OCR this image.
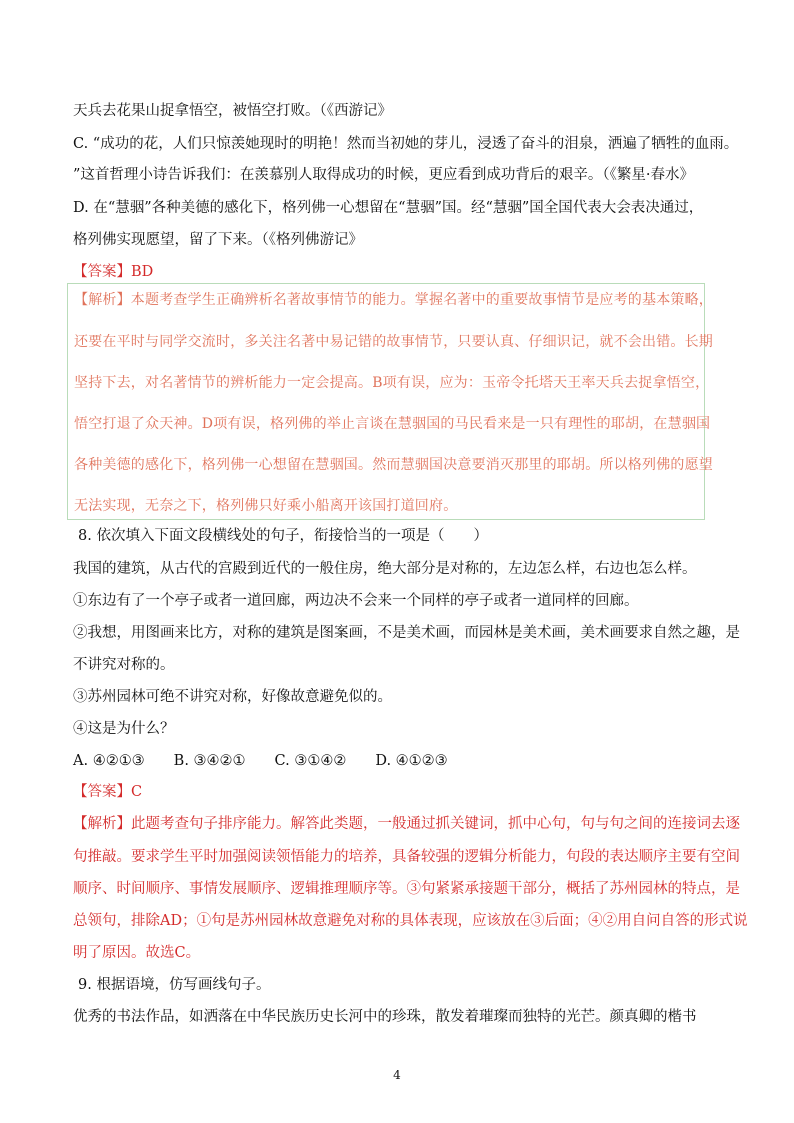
天兵去花果山捉拿悟空，被悟空打败。（《西游记》
C. “成功的花，人们只惊羡她现时的明艳！然而当初她的芽儿，浸透了奋斗的泪泉，洒遍了牺牲的血雨。
”这首哲理小诗告诉我们：在羡慕别人取得成功的时候，更应看到成功背后的艰辛。（《繁星·春水》
D. 在“慧骃”各种美德的感化下，格列佛一心想留在“慧骃”国。经“慧骃”国全国代表大会表决通过，
格列佛实现愿望，留了下来。（《格列佛游记》
【答案】BD
【解析】本题考查学生正确辨析名著故事情节的能力。掌握名著中的重要故事情节是应考的基本策略，
还要在平时与同学交流时，多关注名著中易记错的故事情节，只要认真、仔细识记，就不会出错。长期
坚持下去，对名著情节的辨析能力一定会提高。B项有误，应为：玉帝令托塔天王率天兵去捉拿悟空，
悟空打退了众天神。D项有误，格列佛的举止言谈在慧骃国的马民看来是一只有理性的耶胡，在慧骃国
各种美德的感化下，格列佛一心想留在慧骃国。然而慧骃国决意要消灭那里的耶胡。所以格列佛的愿望
无法实现，无奈之下，格列佛只好乘小船离开该国打道回府。
8. 依次填入下面文段横线处的句子，衔接恰当的一项是（　　）
我国的建筑，从古代的宫殿到近代的一般住房，绝大部分是对称的，左边怎么样，右边也怎么样。
①东边有了一个亭子或者一道回廊，两边决不会来一个同样的亭子或者一道同样的回廊。
②我想，用图画来比方，对称的建筑是图案画，不是美术画，而园林是美术画，美术画要求自然之趣，是
不讲究对称的。
③苏州园林可绝不讲究对称，好像故意避免似的。
④这是为什么？
A. ④②①③　　B. ③④②①　　C. ③①④②　　D. ④①②③
【答案】C
【解析】此题考查句子排序能力。解答此类题，一般通过抓关键词，抓中心句，句与句之间的连接词去逐
句推敲。要求学生平时加强阅读领悟能力的培养，具备较强的逻辑分析能力，句段的表达顺序主要有空间
顺序、时间顺序、事情发展顺序、逻辑推理顺序等。③句紧紧承接题干部分，概括了苏州园林的特点，是
总领句，排除AD；①句是苏州园林故意避免对称的具体表现，应该放在③后面；④②用自问自答的形式说
明了原因。故选C。
9. 根据语境，仿写画线句子。
优秀的书法作品，如洒落在中华民族历史长河中的珍珠，散发着璀璨而独特的光芒。颜真卿的楷书
4
